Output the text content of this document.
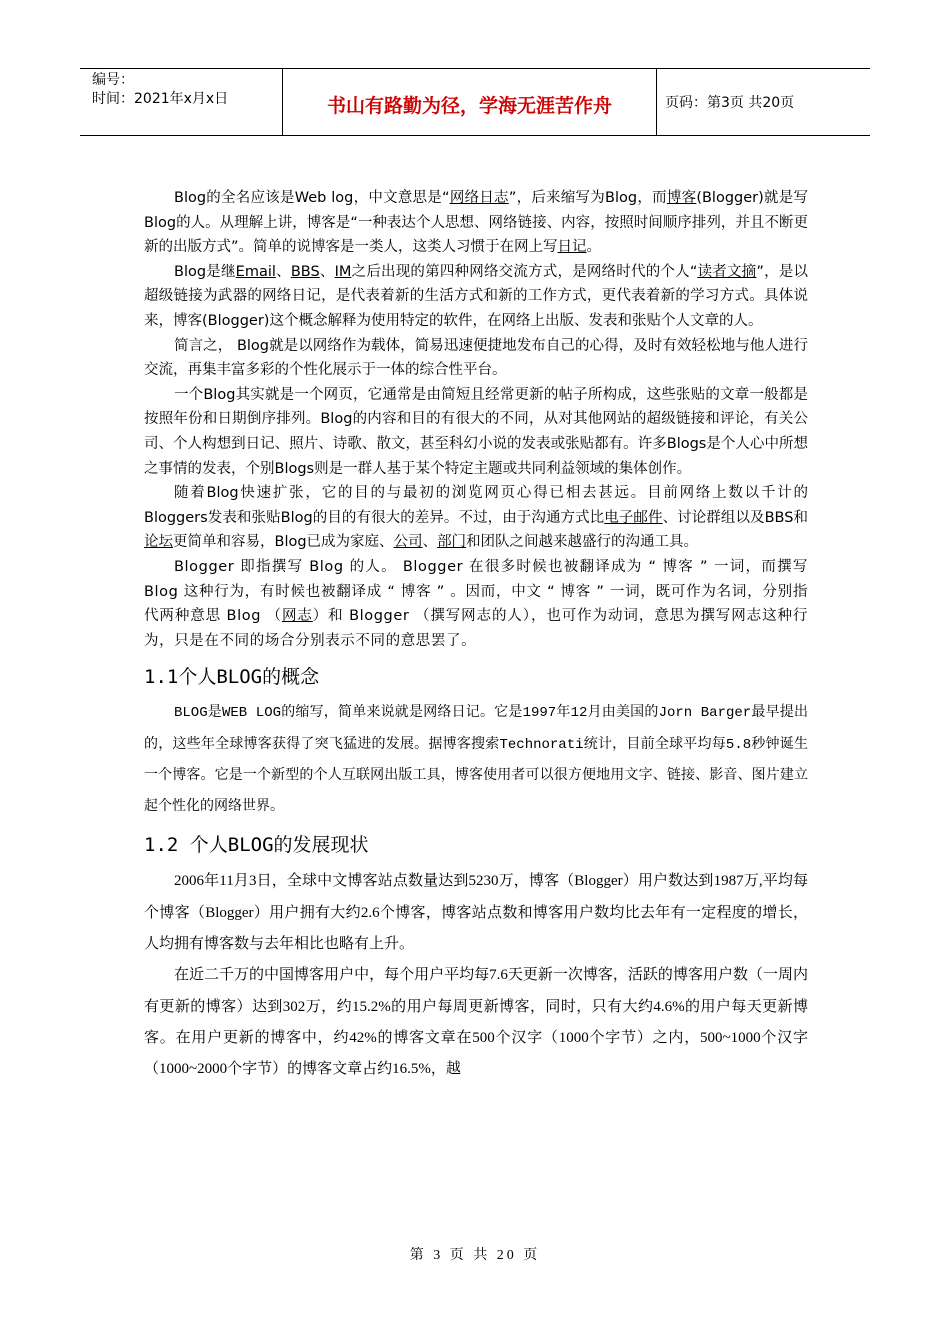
编号：
时间：2021年x月x日	书山有路勤为径，学海无涯苦作舟	页码：第3页 共20页

Blog的全名应该是Web log，中文意思是“网络日志”，后来缩写为Blog，而博客(Blogger)就是写Blog的人。从理解上讲，博客是“一种表达个人思想、网络链接、内容，按照时间顺序排列，并且不断更新的出版方式”。简单的说博客是一类人，这类人习惯于在网上写日记。

Blog是继Email、BBS、IM之后出现的第四种网络交流方式，是网络时代的个人“读者文摘”，是以超级链接为武器的网络日记，是代表着新的生活方式和新的工作方式，更代表着新的学习方式。具体说来，博客(Blogger)这个概念解释为使用特定的软件，在网络上出版、发表和张贴个人文章的人。

简言之， Blog就是以网络作为载体，简易迅速便捷地发布自己的心得，及时有效轻松地与他人进行交流，再集丰富多彩的个性化展示于一体的综合性平台。

一个Blog其实就是一个网页，它通常是由简短且经常更新的帖子所构成，这些张贴的文章一般都是按照年份和日期倒序排列。Blog的内容和目的有很大的不同，从对其他网站的超级链接和评论，有关公司、个人构想到日记、照片、诗歌、散文，甚至科幻小说的发表或张贴都有。许多Blogs是个人心中所想之事情的发表，个别Blogs则是一群人基于某个特定主题或共同利益领域的集体创作。

随着Blog快速扩张，它的目的与最初的浏览网页心得已相去甚远。目前网络上数以千计的 Bloggers发表和张贴Blog的目的有很大的差异。不过，由于沟通方式比电子邮件、讨论群组以及BBS和论坛更简单和容易，Blog已成为家庭、公司、部门和团队之间越来越盛行的沟通工具。

Blogger 即指撰写 Blog 的人。 Blogger 在很多时候也被翻译成为 “ 博客 ” 一词，而撰写 Blog 这种行为，有时候也被翻译成 “ 博客 ” 。因而，中文 “ 博客 ” 一词，既可作为名词，分别指代两种意思 Blog （网志）和 Blogger （撰写网志的人），也可作为动词，意思为撰写网志这种行为，只是在不同的场合分别表示不同的意思罢了。

1.1个人BLOG的概念

BLOG是WEB LOG的缩写，简单来说就是网络日记。它是1997年12月由美国的Jorn Barger最早提出的，这些年全球博客获得了突飞猛进的发展。据博客搜索Technorati统计，目前全球平均每5.8秒钟诞生一个博客。它是一个新型的个人互联网出版工具，博客使用者可以很方便地用文字、链接、影音、图片建立起个性化的网络世界。

1.2 个人BLOG的发展现状

2006年11月3日，全球中文博客站点数量达到5230万，博客（Blogger）用户数达到1987万,平均每个博客（Blogger）用户拥有大约2.6个博客，博客站点数和博客用户数均比去年有一定程度的增长，人均拥有博客数与去年相比也略有上升。

在近二千万的中国博客用户中，每个用户平均每7.6天更新一次博客，活跃的博客用户数（一周内有更新的博客）达到302万，约15.2%的用户每周更新博客，同时，只有大约4.6%的用户每天更新博客。在用户更新的博客中，约42%的博客文章在500个汉字（1000个字节）之内，500~1000个汉字（1000~2000个字节）的博客文章占约16.5%，越

第 3 页 共 20 页
